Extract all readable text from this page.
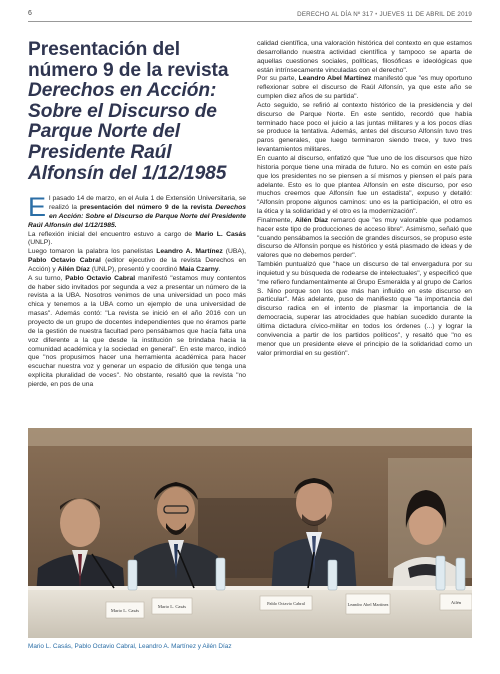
6	DERECHO AL DÍA Nº 317 • JUEVES 11 DE ABRIL DE 2019
Presentación del número 9 de la revista Derechos en Acción: Sobre el Discurso de Parque Norte del Presidente Raúl Alfonsín del 1/12/1985
E l pasado 14 de marzo, en el Aula 1 de Extensión Universitaria, se realizó la presentación del número 9 de la revista Derechos en Acción: Sobre el Discurso de Parque Norte del Presidente Raúl Alfonsín del 1/12/1985.

La reflexión inicial del encuentro estuvo a cargo de Mario L. Casás (UNLP).

Luego tomaron la palabra los panelistas Leandro A. Martínez (UBA), Pablo Octavio Cabral (editor ejecutivo de la revista Derechos en Acción) y Ailén Díaz (UNLP), presentó y coordinó Maia Czarny.

A su turno, Pablo Octavio Cabral manifestó "estamos muy contentos de haber sido invitados por segunda a vez a presentar un número de la revista a la UBA. Nosotros venimos de una universidad un poco más chica y tenemos a la UBA como un ejemplo de una universidad de masas". Además contó: "La revista se inició en el año 2016 con un proyecto de un grupo de docentes independientes que no éramos parte de la gestión de nuestra facultad pero pensábamos que hacía falta una voz diferente a la que desde la institución se brindaba hacia la comunidad académica y la sociedad en general". En este marco, indicó que "nos propusimos hacer una herramienta académica para hacer escuchar nuestra voz y generar un espacio de difusión que tenga una explícita pluralidad de voces". No obstante, resaltó que la revista "no pierde, en pos de una

calidad científica, una valoración histórica del contexto en que estamos desarrollando nuestra actividad científica y tampoco se aparta de aquellas cuestiones sociales, políticas, filosóficas e ideológicas que están intrínsecamente vinculadas con el derecho".

Por su parte, Leandro Abel Martínez manifestó que "es muy oportuno reflexionar sobre el discurso de Raúl Alfonsín, ya que este año se cumplen diez años de su partida".

Acto seguido, se refirió al contexto histórico de la presidencia y del discurso de Parque Norte. En este sentido, recordó que había terminado hace poco el juicio a las juntas militares y a los pocos días se produce la tentativa. Además, antes del discurso Alfonsín tuvo tres paros generales, que luego terminaron siendo trece, y tuvo tres levantamientos militares.

En cuanto al discurso, enfatizó que "fue uno de los discursos que hizo historia porque tiene una mirada de futuro. No es común en este país que los presidentes no se piensen a sí mismos y piensen el país para adelante. Esto es lo que plantea Alfonsín en este discurso, por eso muchos creemos que Alfonsín fue un estadista", expuso y detalló: "Alfonsín propone algunos caminos: uno es la participación, el otro es la ética y la solidaridad y el otro es la modernización".

Finalmente, Ailén Díaz remarcó que "es muy valorable que podamos hacer este tipo de producciones de acceso libre". Asimismo, señaló que "cuando pensábamos la sección de grandes discursos, se propuso este discurso de Alfonsín porque es histórico y está plasmado de ideas y de valores que no debemos perder".

También puntualizó que "hace un discurso de tal envergadura por su inquietud y su búsqueda de rodearse de intelectuales", y especificó que "me refiero fundamentalmente al Grupo Esmeralda y al grupo de Carlos S. Nino porque son los que más han influido en este discurso en particular". Más adelante, puso de manifiesto que "la importancia del discurso radica en el intento de plasmar la importancia de la democracia, superar las atrocidades que habían sucedido durante la última dictadura cívico-militar en todos los órdenes (...) y lograr la convivencia a partir de los partidos políticos", y resaltó que "no es menor que un presidente eleve el principio de la solidaridad como un valor primordial en su gestión".

Mario L. Casás
Mario L. Casás
Pablo Octavio Cabral	Leandro Abel Martínez	Ailén
Mario L. Casás, Pablo Octavio Cabral, Leandro A. Martínez y Ailén Díaz
